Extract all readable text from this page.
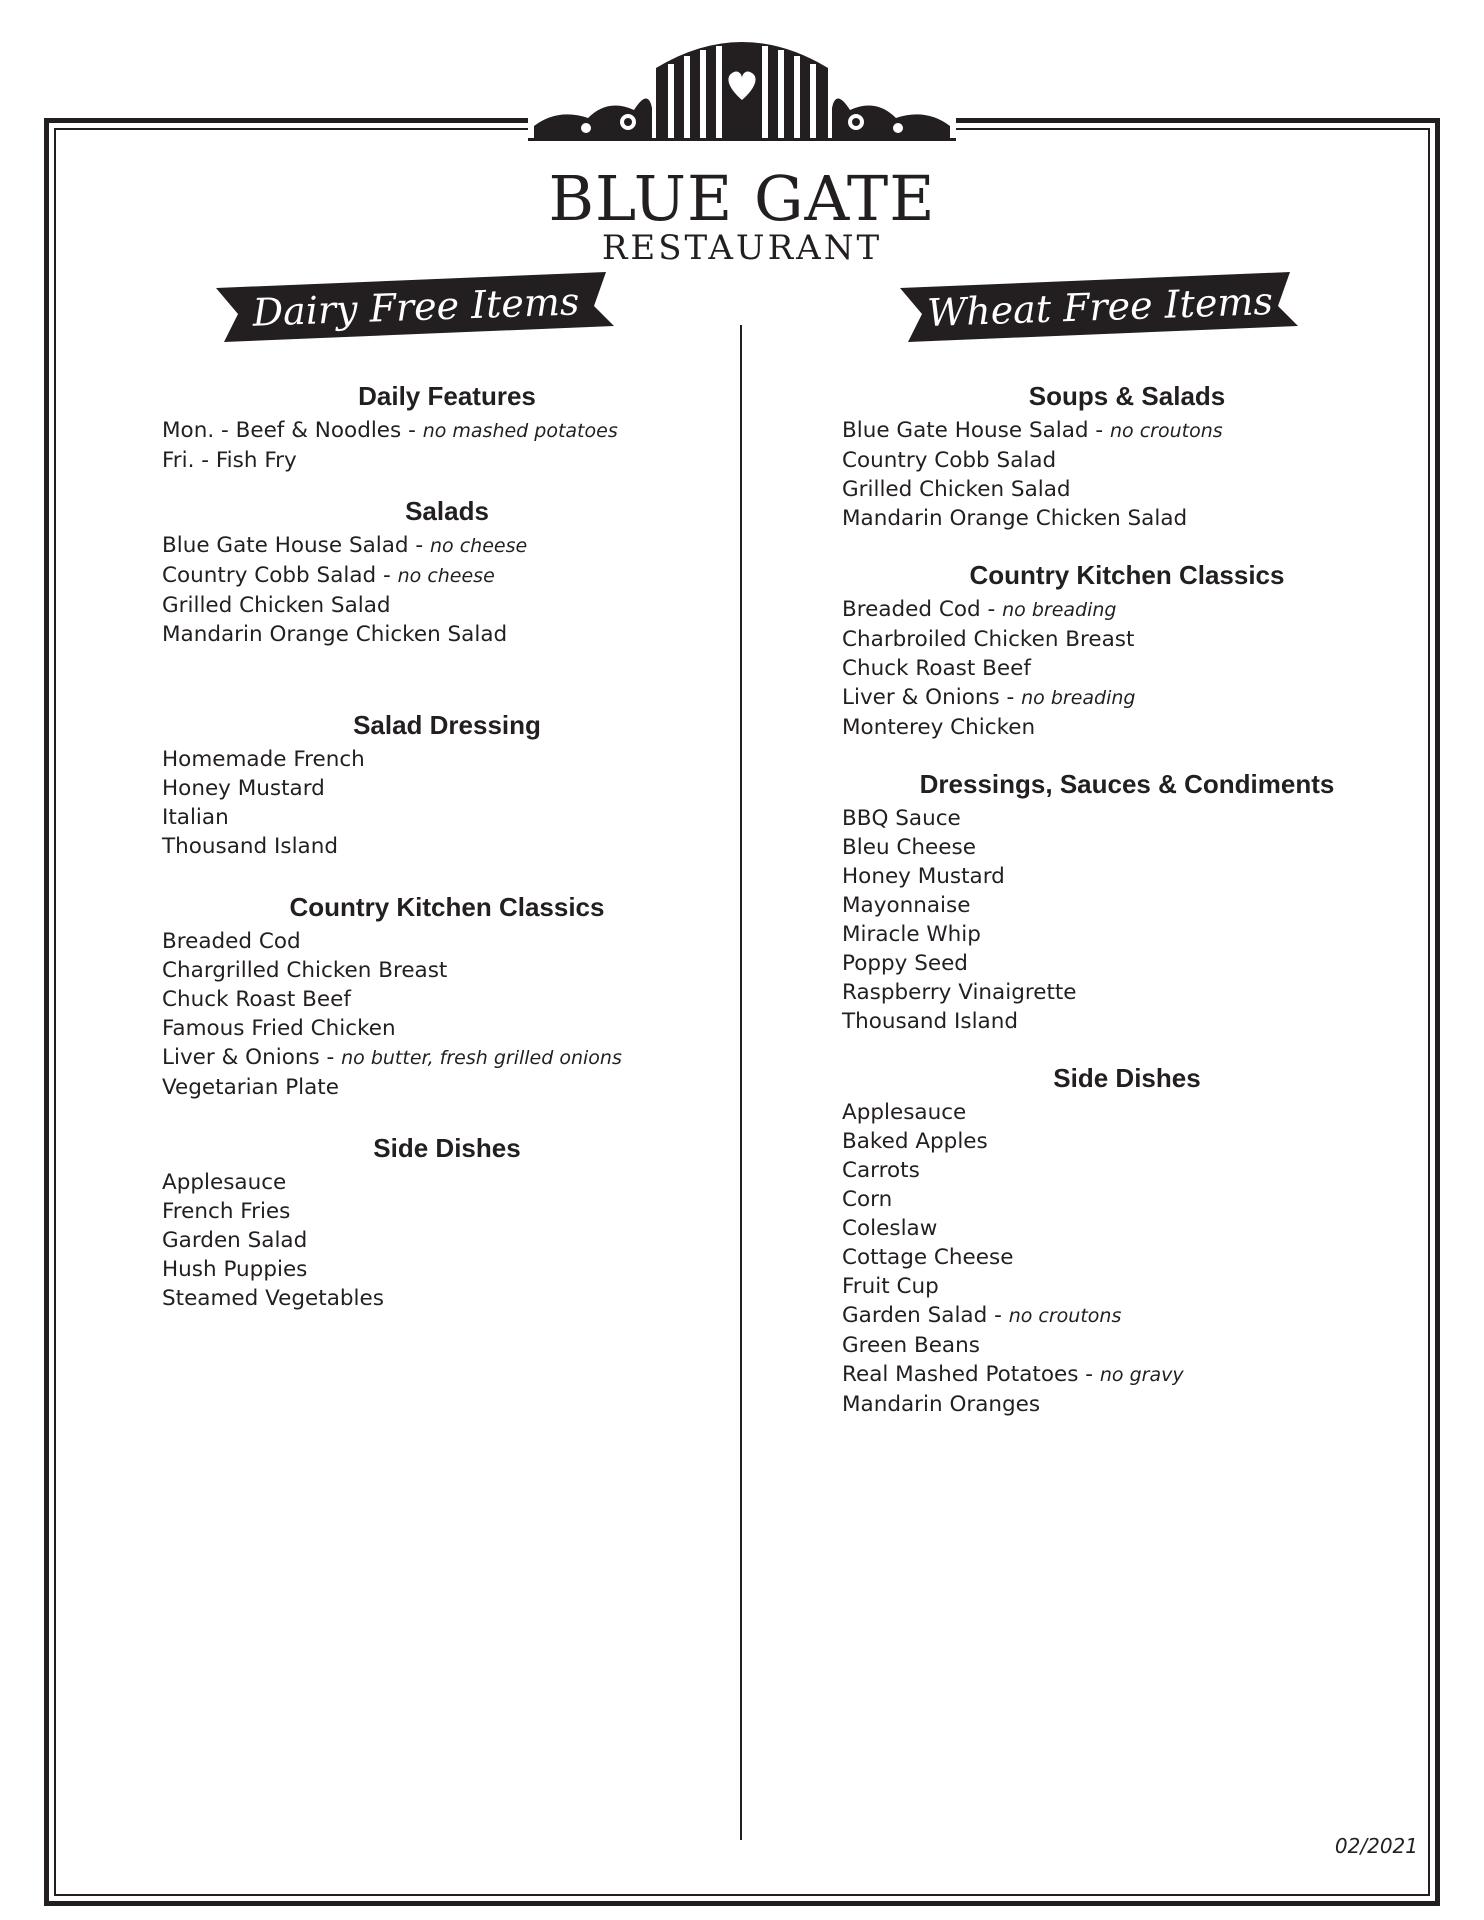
BLUE GATE
RESTAURANT
Dairy Free Items	Wheat Free Items
Daily Features
Mon. - Beef & Noodles - no mashed potatoes
Fri. - Fish Fry
Salads
Blue Gate House Salad - no cheese
Country Cobb Salad - no cheese
Grilled Chicken Salad
Mandarin Orange Chicken Salad
Salad Dressing
Homemade French
Honey Mustard
Italian
Thousand Island
Country Kitchen Classics
Breaded Cod
Chargrilled Chicken Breast
Chuck Roast Beef
Famous Fried Chicken
Liver & Onions - no butter, fresh grilled onions
Vegetarian Plate
Side Dishes
Applesauce
French Fries
Garden Salad
Hush Puppies
Steamed Vegetables
Soups & Salads
Blue Gate House Salad - no croutons
Country Cobb Salad
Grilled Chicken Salad
Mandarin Orange Chicken Salad
Country Kitchen Classics
Breaded Cod - no breading
Charbroiled Chicken Breast
Chuck Roast Beef
Liver & Onions - no breading
Monterey Chicken
Dressings, Sauces & Condiments
BBQ Sauce
Bleu Cheese
Honey Mustard
Mayonnaise
Miracle Whip
Poppy Seed
Raspberry Vinaigrette
Thousand Island
Side Dishes
Applesauce
Baked Apples
Carrots
Corn
Coleslaw
Cottage Cheese
Fruit Cup
Garden Salad - no croutons
Green Beans
Real Mashed Potatoes - no gravy
Mandarin Oranges
02/2021
